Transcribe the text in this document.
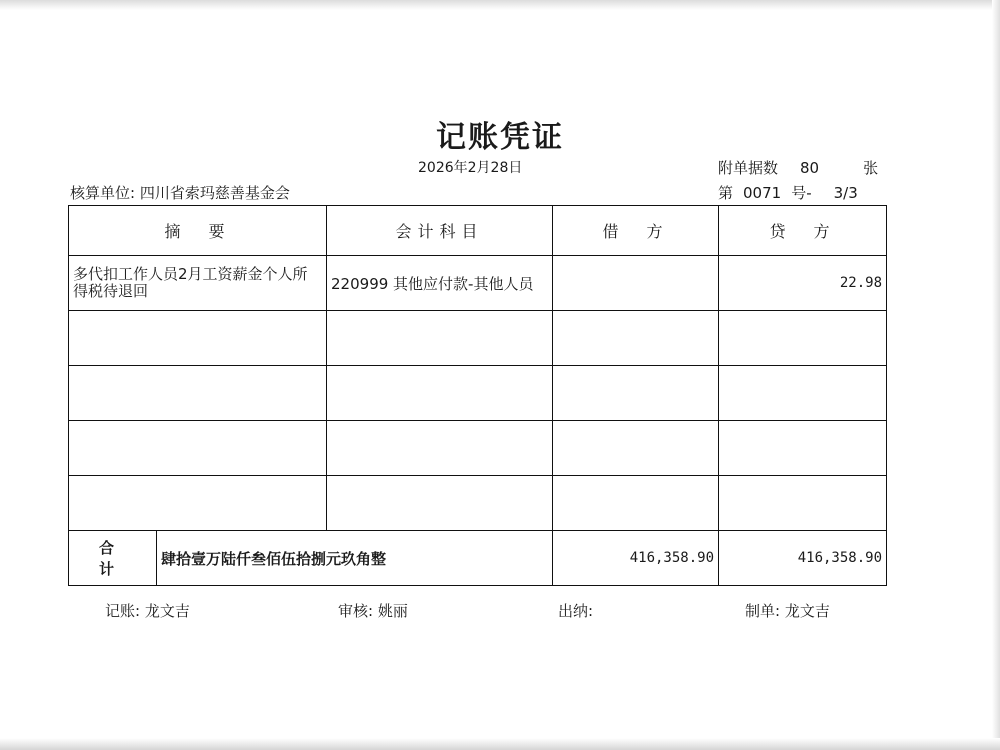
记账凭证
2026年2月28日	附单据数 80	张
核算单位: 四川省索玛慈善基金会	第 0071 号- 3/3
摘　要		会计科目	借　方	贷　方
多代扣工作人员2月工资薪金个人所得税待退回		220999 其他应付款-其他人员		22.98

合　计	肆拾壹万陆仟叁佰伍拾捌元玖角整		416,358.90	416,358.90
记账: 龙文吉	审核: 姚丽	出纳:	制单: 龙文吉
